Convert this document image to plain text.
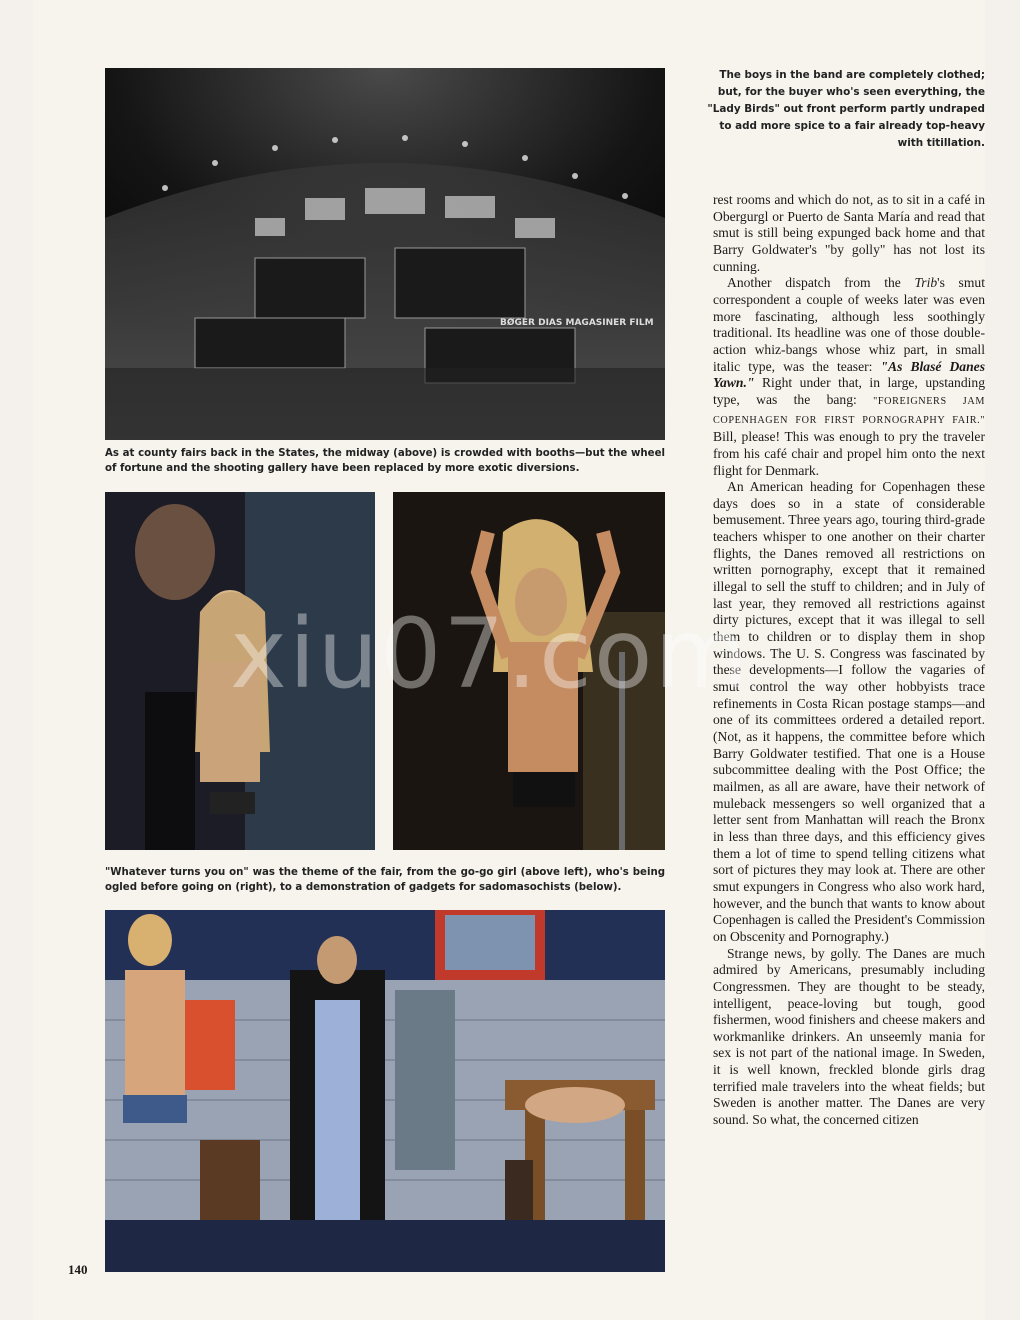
BØGER DIAS MAGASINER FILM
As at county fairs back in the States, the midway (above) is crowded with booths—but the wheel of fortune and the shooting gallery have been replaced by more exotic diversions.
"Whatever turns you on" was the theme of the fair, from the go-go girl (above left), who's being ogled before going on (right), to a demonstration of gadgets for sadomasochists (below).
The boys in the band are completely clothed; but, for the buyer who's seen everything, the "Lady Birds" out front perform partly undraped to add more spice to a fair already top-heavy with titillation.

rest rooms and which do not, as to sit in a café in Obergurgl or Puerto de Santa María and read that smut is still being expunged back home and that Barry Goldwater's "by golly" has not lost its cunning.

Another dispatch from the Trib's smut correspondent a couple of weeks later was even more fascinating, although less soothingly traditional. Its headline was one of those double-action whiz-bangs whose whiz part, in small italic type, was the teaser: "As Blasé Danes Yawn." Right under that, in large, upstanding type, was the bang: "FOREIGNERS JAM COPENHAGEN FOR FIRST PORNOGRAPHY FAIR." Bill, please! This was enough to pry the traveler from his café chair and propel him onto the next flight for Denmark.

An American heading for Copenhagen these days does so in a state of considerable bemusement. Three years ago, touring third-grade teachers whisper to one another on their charter flights, the Danes removed all restrictions on written pornography, except that it remained illegal to sell the stuff to children; and in July of last year, they removed all restrictions against dirty pictures, except that it was illegal to sell them to children or to display them in shop windows. The U. S. Congress was fascinated by these developments—I follow the vagaries of smut control the way other hobbyists trace refinements in Costa Rican postage stamps—and one of its committees ordered a detailed report. (Not, as it happens, the committee before which Barry Goldwater testified. That one is a House subcommittee dealing with the Post Office; the mailmen, as all are aware, have their network of muleback messengers so well organized that a letter sent from Manhattan will reach the Bronx in less than three days, and this efficiency gives them a lot of time to spend telling citizens what sort of pictures they may look at. There are other smut expungers in Congress who also work hard, however, and the bunch that wants to know about Copenhagen is called the President's Commission on Obscenity and Pornography.)

Strange news, by golly. The Danes are much admired by Americans, presumably including Congressmen. They are thought to be steady, intelligent, peace-loving but tough, good fishermen, wood finishers and cheese makers and workmanlike drinkers. An unseemly mania for sex is not part of the national image. In Sweden, it is well known, freckled blonde girls drag terrified male travelers into the wheat fields; but Sweden is another matter. The Danes are very sound. So what, the concerned citizen

140
xiu07.com
